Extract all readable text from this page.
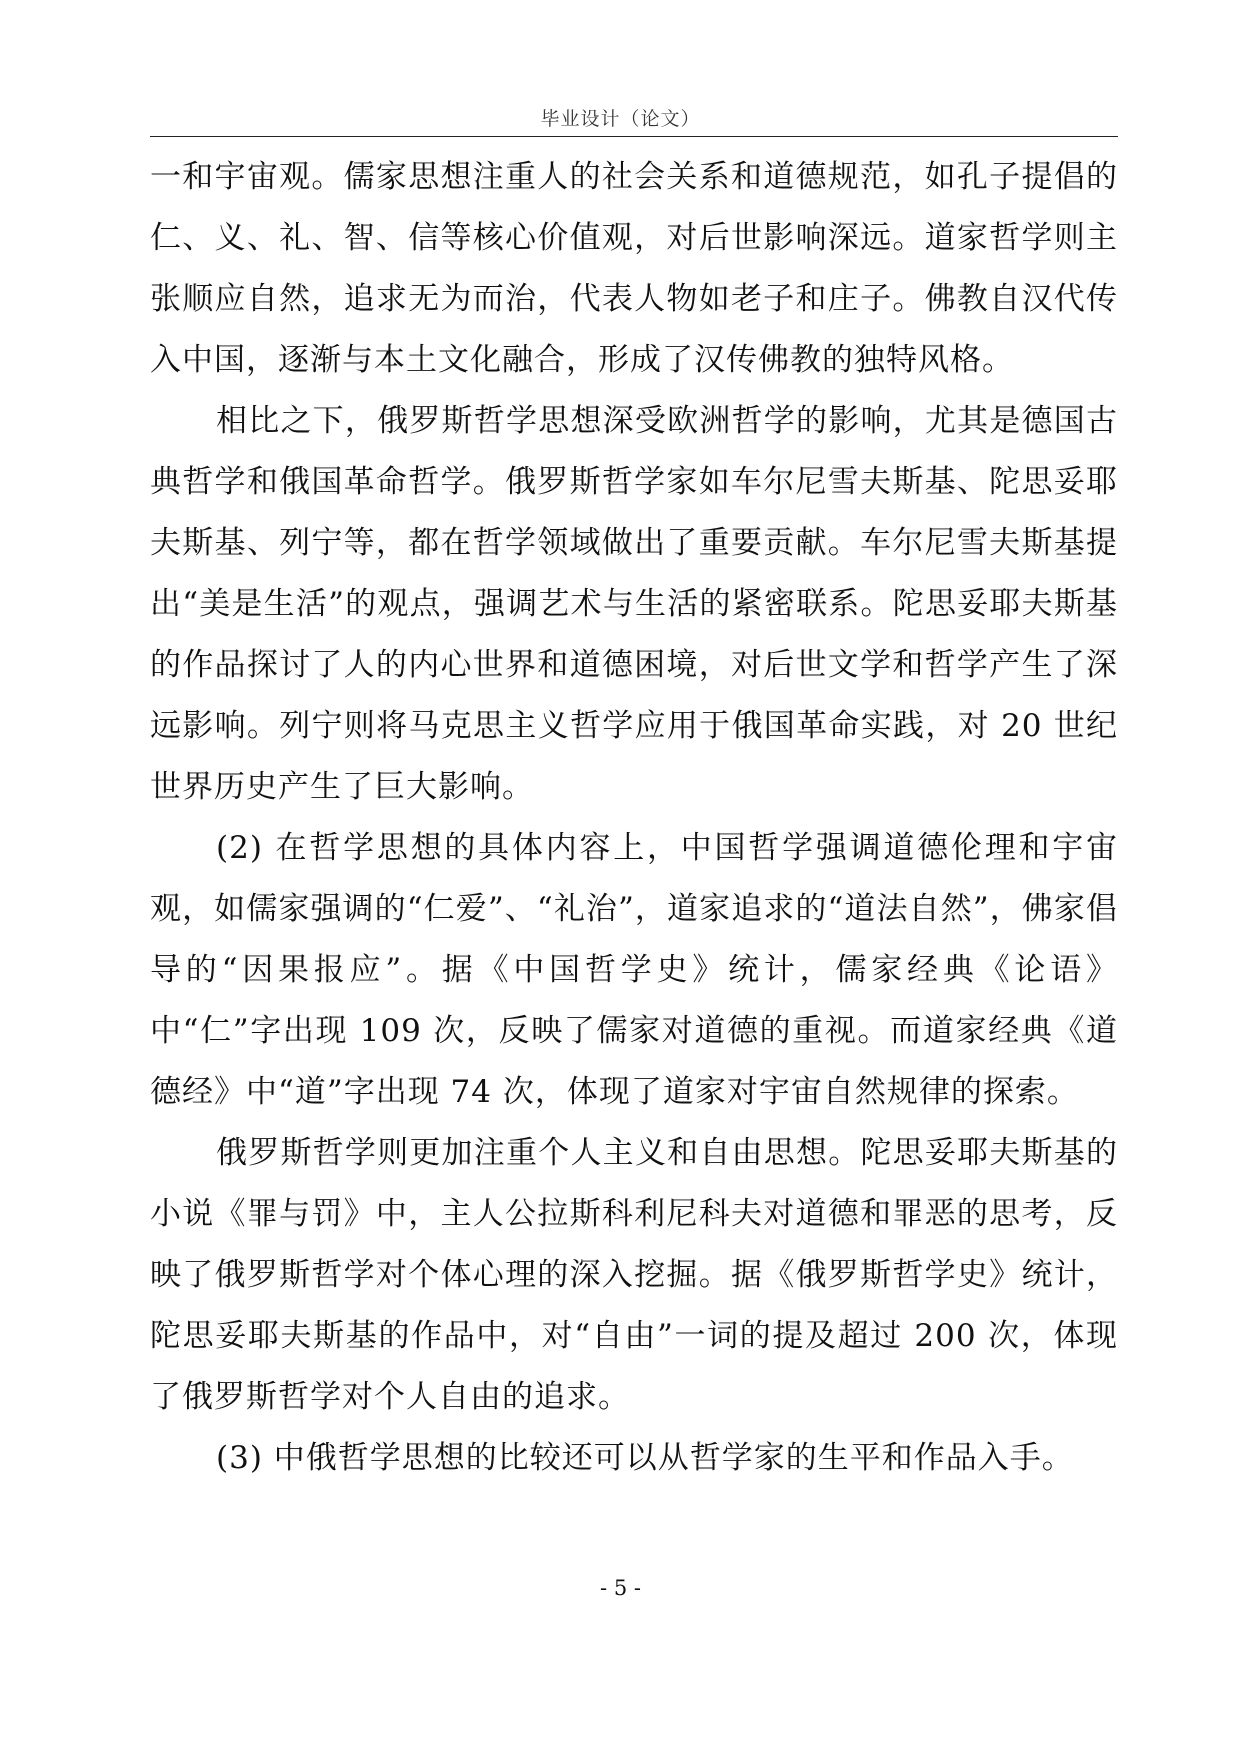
毕业设计（论文）

一和宇宙观。儒家思想注重人的社会关系和道德规范，如孔子提倡的仁、义、礼、智、信等核心价值观，对后世影响深远。道家哲学则主张顺应自然，追求无为而治，代表人物如老子和庄子。佛教自汉代传入中国，逐渐与本土文化融合，形成了汉传佛教的独特风格。

相比之下，俄罗斯哲学思想深受欧洲哲学的影响，尤其是德国古典哲学和俄国革命哲学。俄罗斯哲学家如车尔尼雪夫斯基、陀思妥耶夫斯基、列宁等，都在哲学领域做出了重要贡献。车尔尼雪夫斯基提出“美是生活”的观点，强调艺术与生活的紧密联系。陀思妥耶夫斯基的作品探讨了人的内心世界和道德困境，对后世文学和哲学产生了深远影响。列宁则将马克思主义哲学应用于俄国革命实践，对 20 世纪世界历史产生了巨大影响。

(2) 在哲学思想的具体内容上，中国哲学强调道德伦理和宇宙观，如儒家强调的“仁爱”、“礼治”，道家追求的“道法自然”，佛家倡导的“因果报应”。据《中国哲学史》统计，儒家经典《论语》中“仁”字出现 109 次，反映了儒家对道德的重视。而道家经典《道德经》中“道”字出现 74 次，体现了道家对宇宙自然规律的探索。

俄罗斯哲学则更加注重个人主义和自由思想。陀思妥耶夫斯基的小说《罪与罚》中，主人公拉斯科利尼科夫对道德和罪恶的思考，反映了俄罗斯哲学对个体心理的深入挖掘。据《俄罗斯哲学史》统计，陀思妥耶夫斯基的作品中，对“自由”一词的提及超过 200 次，体现了俄罗斯哲学对个人自由的追求。

(3) 中俄哲学思想的比较还可以从哲学家的生平和作品入手。

- 5 -
